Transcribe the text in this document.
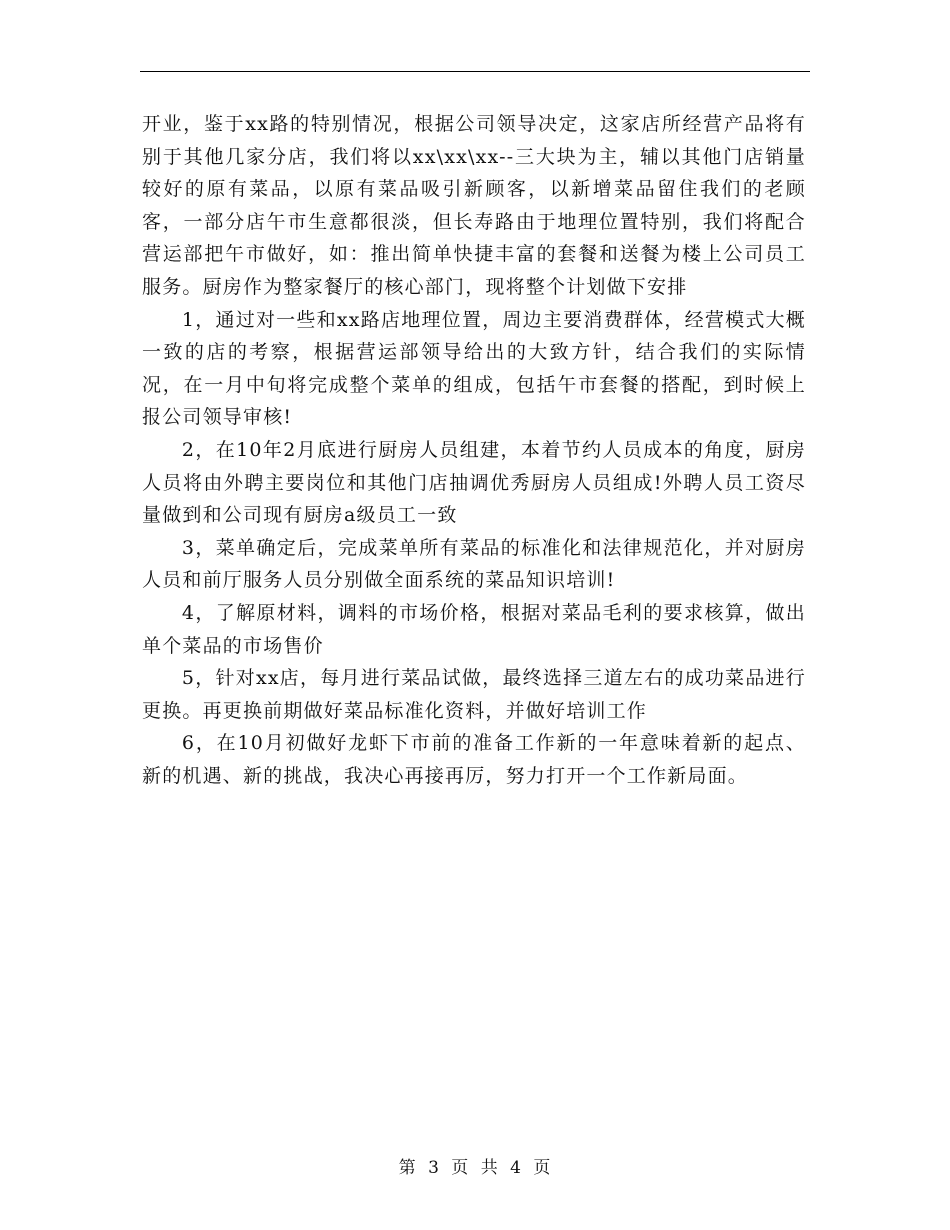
开业，鉴于xx路的特别情况，根据公司领导决定，这家店所经营产品将有别于其他几家分店，我们将以xx\xx\xx--三大块为主，辅以其他门店销量较好的原有菜品，以原有菜品吸引新顾客，以新增菜品留住我们的老顾客，一部分店午市生意都很淡，但长寿路由于地理位置特别，我们将配合营运部把午市做好，如：推出简单快捷丰富的套餐和送餐为楼上公司员工服务。厨房作为整家餐厅的核心部门，现将整个计划做下安排

1，通过对一些和xx路店地理位置，周边主要消费群体，经营模式大概一致的店的考察，根据营运部领导给出的大致方针，结合我们的实际情况，在一月中旬将完成整个菜单的组成，包括午市套餐的搭配，到时候上报公司领导审核!

2，在10年2月底进行厨房人员组建，本着节约人员成本的角度，厨房人员将由外聘主要岗位和其他门店抽调优秀厨房人员组成!外聘人员工资尽量做到和公司现有厨房a级员工一致

3，菜单确定后，完成菜单所有菜品的标准化和法律规范化，并对厨房人员和前厅服务人员分别做全面系统的菜品知识培训!

4，了解原材料，调料的市场价格，根据对菜品毛利的要求核算，做出单个菜品的市场售价

5，针对xx店，每月进行菜品试做，最终选择三道左右的成功菜品进行更换。再更换前期做好菜品标准化资料，并做好培训工作

6，在10月初做好龙虾下市前的准备工作新的一年意味着新的起点、新的机遇、新的挑战，我决心再接再厉，努力打开一个工作新局面。

第 3 页 共 4 页
